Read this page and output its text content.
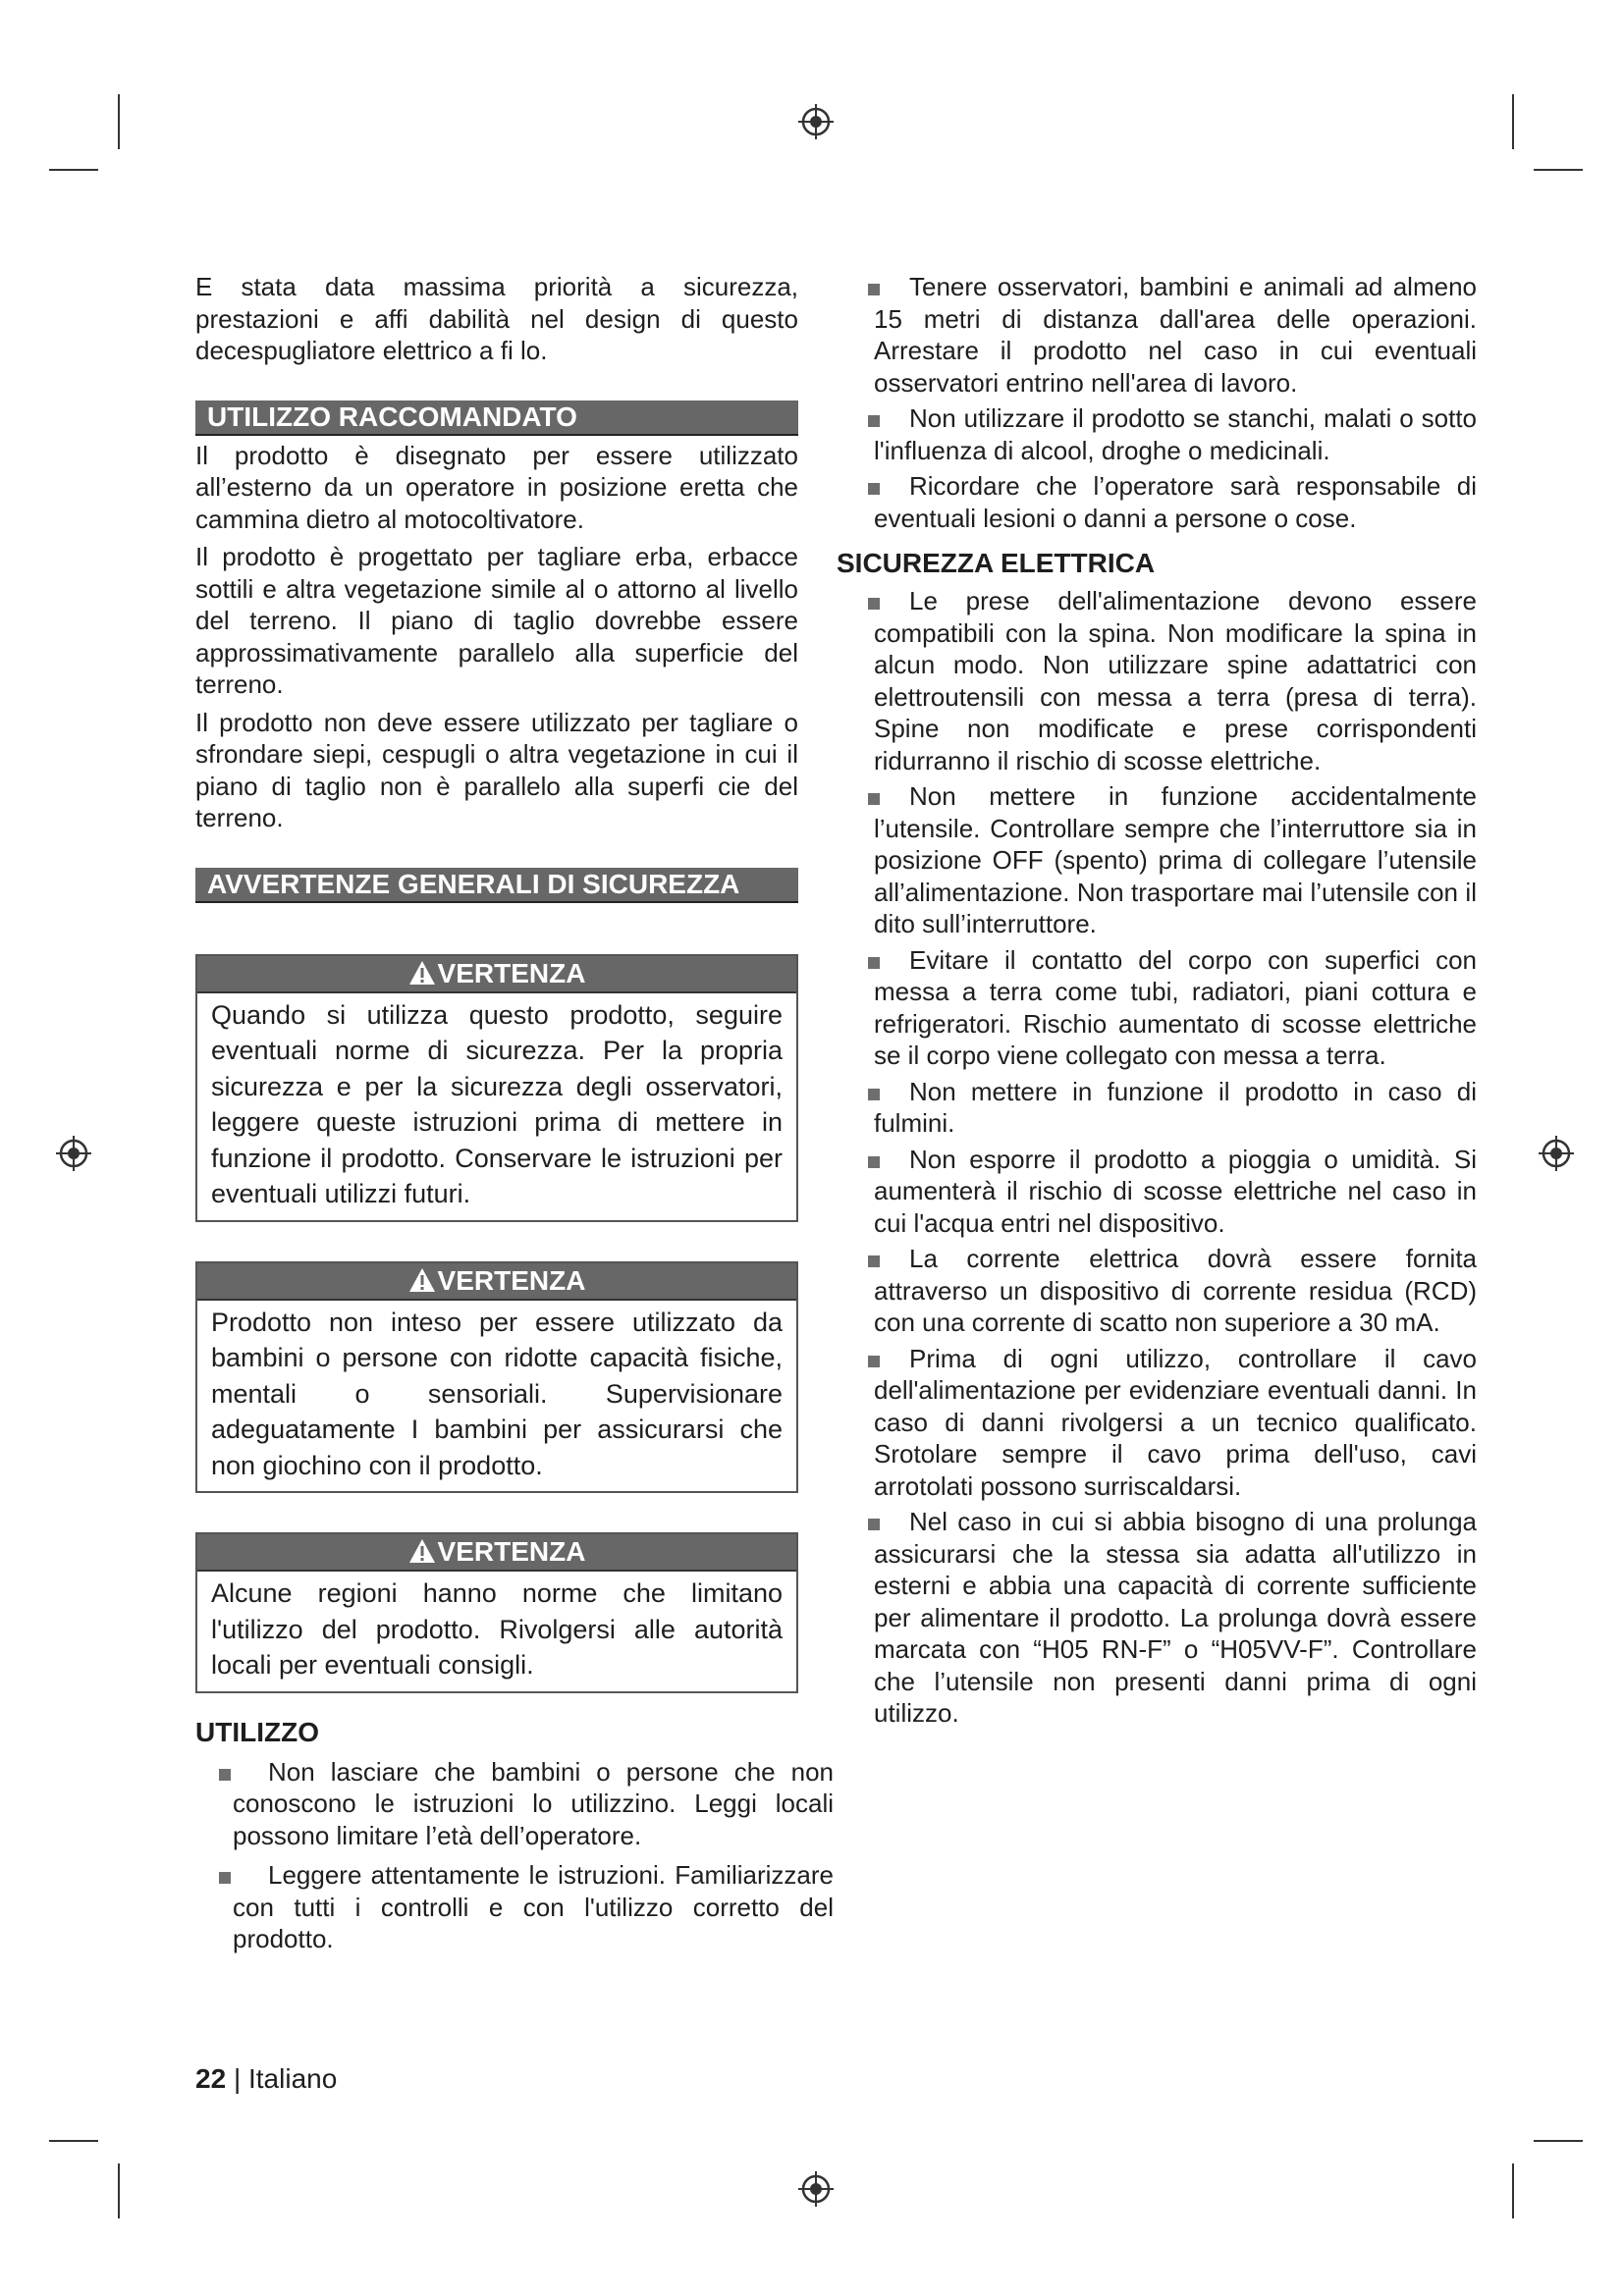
E stata data massima priorità a sicurezza, prestazioni e affi dabilità nel design di questo decespugliatore elettrico a fi lo.

UTILIZZO RACCOMANDATO

Il prodotto è disegnato per essere utilizzato all’esterno da un operatore in posizione eretta che cammina dietro al motocoltivatore.

Il prodotto è progettato per tagliare erba, erbacce sottili e altra vegetazione simile al o attorno al livello del terreno. Il piano di taglio dovrebbe essere approssimativamente parallelo alla superficie del terreno.

Il prodotto non deve essere utilizzato per tagliare o sfrondare siepi, cespugli o altra vegetazione in cui il piano di taglio non è parallelo alla superfi cie del terreno.

AVVERTENZE GENERALI DI SICUREZZA
VERTENZA

Quando si utilizza questo prodotto, seguire eventuali norme di sicurezza. Per la propria sicurezza e per la sicurezza degli osservatori, leggere queste istruzioni prima di mettere in funzione il prodotto. Conservare le istruzioni per eventuali utilizzi futuri.

VERTENZA

Prodotto non inteso per essere utilizzato da bambini o persone con ridotte capacità fisiche, mentali o sensoriali. Supervisionare adeguatamente I bambini per assicurarsi che non giochino con il prodotto.

VERTENZA

Alcune regioni hanno norme che limitano l'utilizzo del prodotto. Rivolgersi alle autorità locali per eventuali consigli.

UTILIZZO

Non lasciare che bambini o persone che non conoscono le istruzioni lo utilizzino. Leggi locali possono limitare l’età dell’operatore.

Leggere attentamente le istruzioni. Familiarizzare con tutti i controlli e con l'utilizzo corretto del prodotto.

Tenere osservatori, bambini e animali ad almeno 15 metri di distanza dall'area delle operazioni. Arrestare il prodotto nel caso in cui eventuali osservatori entrino nell'area di lavoro.

Non utilizzare il prodotto se stanchi, malati o sotto l'influenza di alcool, droghe o medicinali.

Ricordare che l’operatore sarà responsabile di eventuali lesioni o danni a persone o cose.

SICUREZZA ELETTRICA

Le prese dell'alimentazione devono essere compatibili con la spina. Non modificare la spina in alcun modo. Non utilizzare spine adattatrici con elettroutensili con messa a terra (presa di terra). Spine non modificate e prese corrispondenti ridurranno il rischio di scosse elettriche.

Non mettere in funzione accidentalmente l’utensile. Controllare sempre che l’interruttore sia in posizione OFF (spento) prima di collegare l’utensile all’alimentazione. Non trasportare mai l’utensile con il dito sull’interruttore.

Evitare il contatto del corpo con superfici con messa a terra come tubi, radiatori, piani cottura e refrigeratori. Rischio aumentato di scosse elettriche se il corpo viene collegato con messa a terra.

Non mettere in funzione il prodotto in caso di fulmini.

Non esporre il prodotto a pioggia o umidità. Si aumenterà il rischio di scosse elettriche nel caso in cui l'acqua entri nel dispositivo.

La corrente elettrica dovrà essere fornita attraverso un dispositivo di corrente residua (RCD) con una corrente di scatto non superiore a 30 mA.

Prima di ogni utilizzo, controllare il cavo dell'alimentazione per evidenziare eventuali danni. In caso di danni rivolgersi a un tecnico qualificato. Srotolare sempre il cavo prima dell'uso, cavi arrotolati possono surriscaldarsi.

Nel caso in cui si abbia bisogno di una prolunga assicurarsi che la stessa sia adatta all'utilizzo in esterni e abbia una capacità di corrente sufficiente per alimentare il prodotto. La prolunga dovrà essere marcata con “H05 RN-F” o “H05VV-F”. Controllare che l’utensile non presenti danni prima di ogni utilizzo.

22 | Italiano
